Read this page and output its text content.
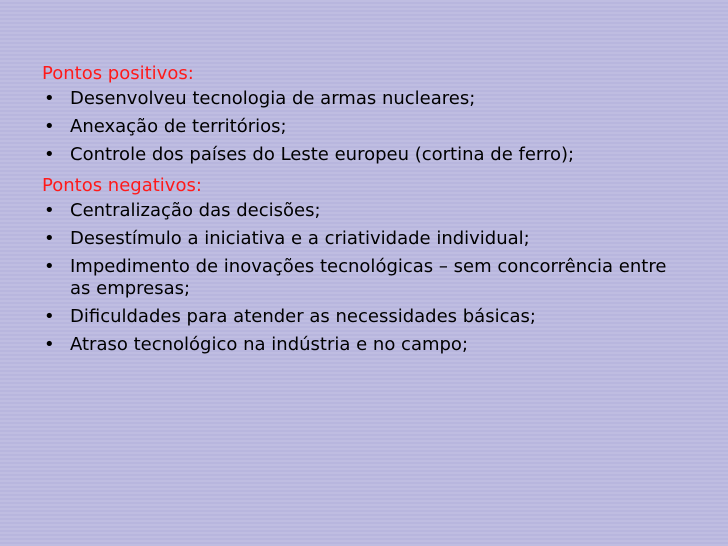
Pontos positivos:
• Desenvolveu tecnologia de armas nucleares;
• Anexação de territórios;
• Controle dos países do Leste europeu (cortina de ferro);
Pontos negativos:
• Centralização das decisões;
• Desestímulo a iniciativa e a criatividade individual;
• Impedimento de inovações tecnológicas – sem concorrência entre as empresas;
• Dificuldades para atender as necessidades básicas;
• Atraso tecnológico na indústria e no campo;
